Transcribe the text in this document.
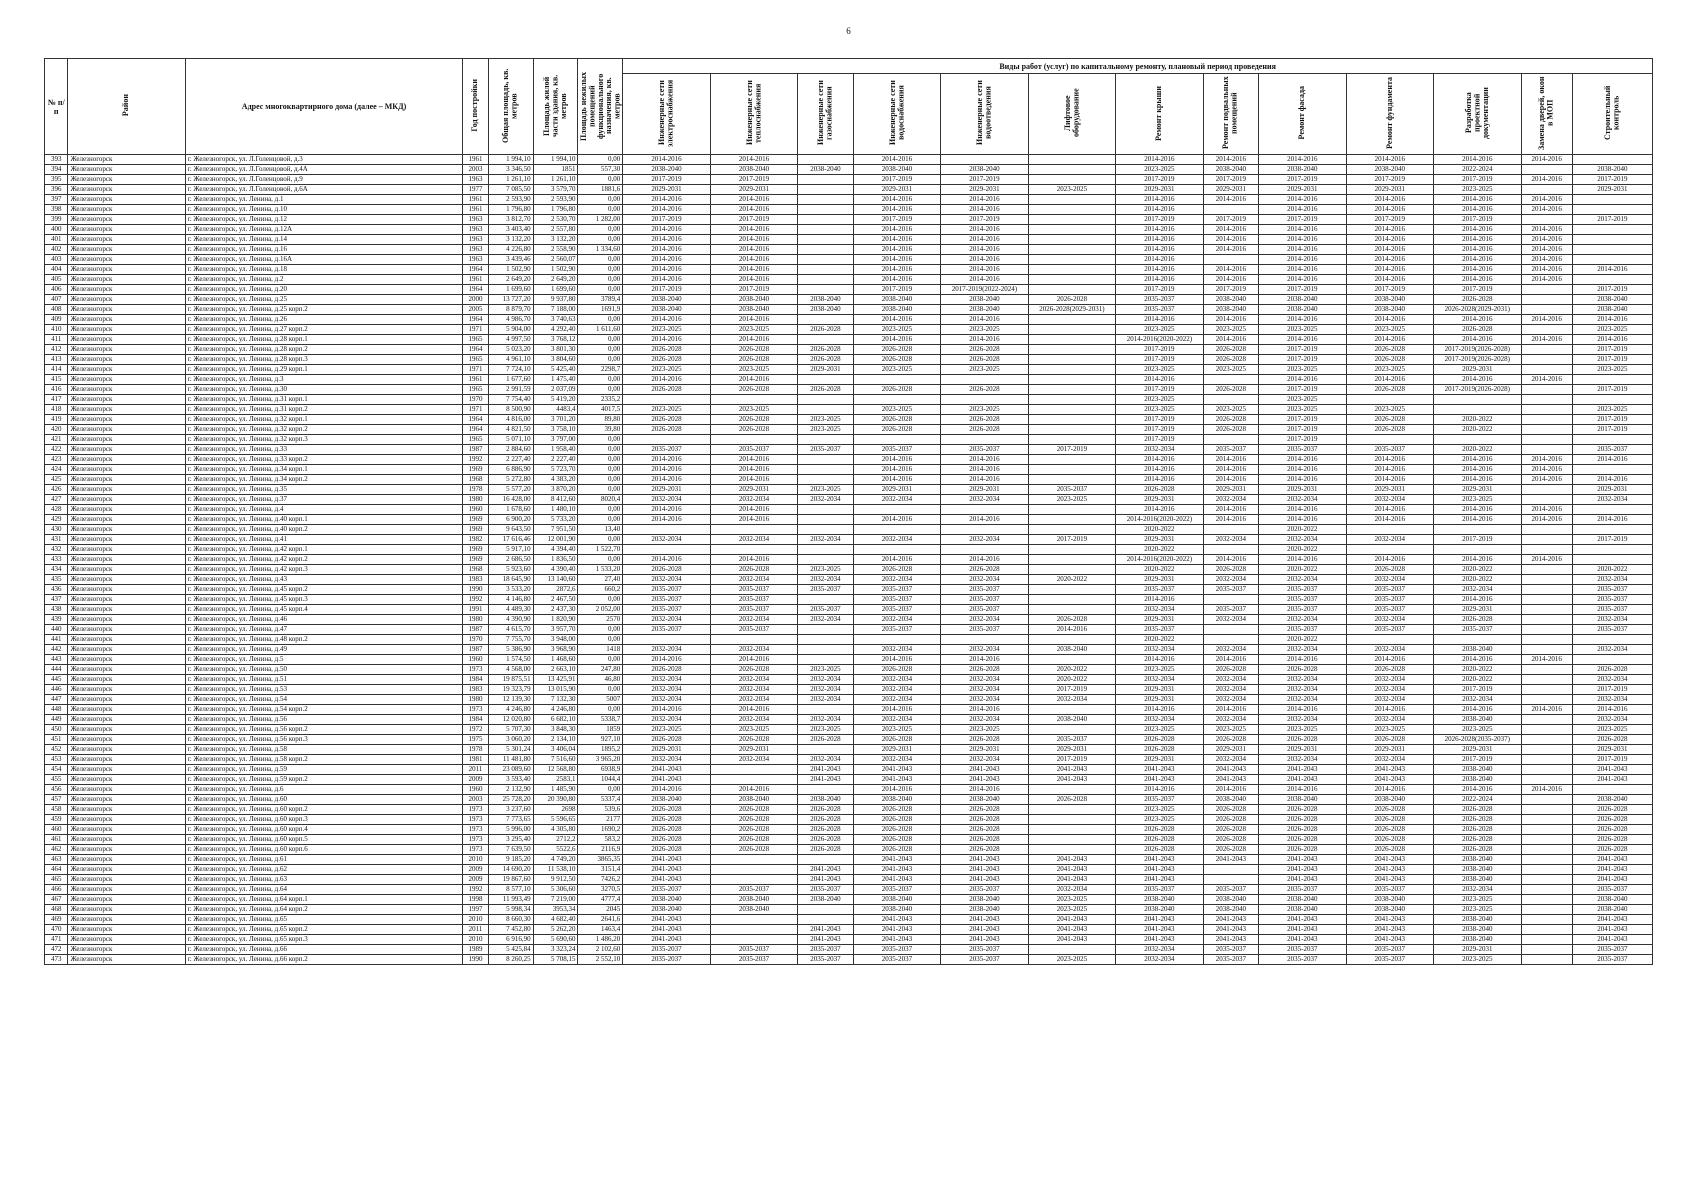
6
№ п/п	Район	Адрес многоквартирного дома (далее – МКД)	Год постройки	Общая площадь, кв. метров	Площадь жилой части здания, кв. метров	Площадь нежилых помещений функционального назначения, кв. метров	Виды работ (услуг) по капитальному ремонту, плановый период проведения												
							Инженерные сети электроснабжения	Инженерные сети теплоснабжения	Инженерные сети газоснабжения	Инженерные сети водоснабжения	Инженерные сети водоотведения	Лифтовое оборудование	Ремонт крыши	Ремонт подвальных помещений	Ремонт фасада	Ремонт фундамента	Разработка проектной документации	Замена дверей, окон в МОП	Строительный контроль
393	Железногорск	г. Железногорск, ул. Л.Голенцовой, д.3	1961	1 994,10	1 994,10	0,00	2014-2016	2014-2016		2014-2016			2014-2016	2014-2016	2014-2016	2014-2016	2014-2016	2014-2016	
394	Железногорск	г. Железногорск, ул. Л.Голенцовой, д.4А	2003	3 346,50	1851	557,30	2038-2040	2038-2040	2038-2040	2038-2040	2038-2040		2023-2025	2038-2040	2038-2040	2038-2040	2022-2024		2038-2040
395	Железногорск	г. Железногорск, ул. Л.Голенцовой, д.9	1963	1 261,10	1 261,10	0,00	2017-2019	2017-2019		2017-2019	2017-2019		2017-2019	2017-2019	2017-2019	2017-2019	2017-2019	2014-2016	2017-2019
396	Железногорск	г. Железногорск, ул. Л.Голенцовой, д.6А	1977	7 085,50	3 579,70	1881,6	2029-2031	2029-2031		2029-2031	2029-2031	2023-2025	2029-2031	2029-2031	2029-2031	2029-2031	2023-2025		2029-2031
397	Железногорск	г. Железногорск, ул. Ленина, д.1	1961	2 593,90	2 593,90	0,00	2014-2016	2014-2016		2014-2016	2014-2016		2014-2016	2014-2016	2014-2016	2014-2016	2014-2016	2014-2016	
398	Железногорск	г. Железногорск, ул. Ленина, д.10	1961	1 796,80	1 796,80	0,00	2014-2016	2014-2016		2014-2016	2014-2016		2014-2016		2014-2016	2014-2016	2014-2016	2014-2016	
399	Железногорск	г. Железногорск, ул. Ленина, д.12	1963	3 812,70	2 530,70	1 282,00	2017-2019	2017-2019		2017-2019	2017-2019		2017-2019	2017-2019	2017-2019	2017-2019	2017-2019		2017-2019
400	Железногорск	г. Железногорск, ул. Ленина, д.12А	1963	3 403,40	2 557,80	0,00	2014-2016	2014-2016		2014-2016	2014-2016		2014-2016	2014-2016	2014-2016	2014-2016	2014-2016	2014-2016	
401	Железногорск	г. Железногорск, ул. Ленина, д.14	1963	3 132,20	3 132,20	0,00	2014-2016	2014-2016		2014-2016	2014-2016		2014-2016	2014-2016	2014-2016	2014-2016	2014-2016	2014-2016	
402	Железногорск	г. Железногорск, ул. Ленина, д.16	1963	4 226,80	2 558,90	1 334,60	2014-2016	2014-2016		2014-2016	2014-2016		2014-2016	2014-2016	2014-2016	2014-2016	2014-2016	2014-2016	
403	Железногорск	г. Железногорск, ул. Ленина, д.16А	1963	3 439,46	2 560,07	0,00	2014-2016	2014-2016		2014-2016	2014-2016		2014-2016		2014-2016	2014-2016	2014-2016	2014-2016	
404	Железногорск	г. Железногорск, ул. Ленина, д.18	1964	1 502,90	1 502,90	0,00	2014-2016	2014-2016		2014-2016	2014-2016		2014-2016	2014-2016	2014-2016	2014-2016	2014-2016	2014-2016	2014-2016
405	Железногорск	г. Железногорск, ул. Ленина, д.2	1961	2 649,20	2 649,20	0,00	2014-2016	2014-2016		2014-2016	2014-2016		2014-2016	2014-2016	2014-2016	2014-2016	2014-2016	2014-2016	
406	Железногорск	г. Железногорск, ул. Ленина, д.20	1964	1 699,60	1 699,60	0,00	2017-2019	2017-2019		2017-2019	2017-2019(2022-2024)		2017-2019	2017-2019	2017-2019	2017-2019	2017-2019		2017-2019
407	Железногорск	г. Железногорск, ул. Ленина, д.25	2000	13 727,20	9 937,80	3789,4	2038-2040	2038-2040	2038-2040	2038-2040	2038-2040	2026-2028	2035-2037	2038-2040	2038-2040	2038-2040	2026-2028		2038-2040
408	Железногорск	г. Железногорск, ул. Ленина, д.25 корп.2	2005	8 879,70	7 188,00	1691,9	2038-2040	2038-2040	2038-2040	2038-2040	2038-2040	2026-2028(2029-2031)	2035-2037	2038-2040	2038-2040	2038-2040	2026-2028(2029-2031)		2038-2040
409	Железногорск	г. Железногорск, ул. Ленина, д.26	1964	4 986,70	3 740,63	0,00	2014-2016	2014-2016		2014-2016	2014-2016		2014-2016	2014-2016	2014-2016	2014-2016	2014-2016	2014-2016	2014-2016
410	Железногорск	г. Железногорск, ул. Ленина, д.27 корп.2	1971	5 904,00	4 292,40	1 611,60	2023-2025	2023-2025	2026-2028	2023-2025	2023-2025		2023-2025	2023-2025	2023-2025	2023-2025	2026-2028		2023-2025
411	Железногорск	г. Железногорск, ул. Ленина, д.28 корп.1	1965	4 997,50	3 768,12	0,00	2014-2016	2014-2016		2014-2016	2014-2016		2014-2016(2020-2022)	2014-2016	2014-2016	2014-2016	2014-2016	2014-2016	2014-2016
412	Железногорск	г. Железногорск, ул. Ленина, д.28 корп.2	1964	5 023,20	3 801,30	0,00	2026-2028	2026-2028	2026-2028	2026-2028	2026-2028		2017-2019	2026-2028	2017-2019	2026-2028	2017-2019(2026-2028)		2017-2019
413	Железногорск	г. Железногорск, ул. Ленина, д.28 корп.3	1965	4 961,10	3 804,60	0,00	2026-2028	2026-2028	2026-2028	2026-2028	2026-2028		2017-2019	2026-2028	2017-2019	2026-2028	2017-2019(2026-2028)		2017-2019
414	Железногорск	г. Железногорск, ул. Ленина, д.29 корп.1	1971	7 724,10	5 425,40	2298,7	2023-2025	2023-2025	2029-2031	2023-2025	2023-2025		2023-2025	2023-2025	2023-2025	2023-2025	2029-2031		2023-2025
415	Железногорск	г. Железногорск, ул. Ленина, д.3	1961	1 677,60	1 475,40	0,00	2014-2016	2014-2016					2014-2016		2014-2016	2014-2016	2014-2016	2014-2016	
416	Железногорск	г. Железногорск, ул. Ленина, д.30	1965	2 991,59	2 037,09	0,00	2026-2028	2026-2028	2026-2028	2026-2028	2026-2028		2017-2019	2026-2028	2017-2019	2026-2028	2017-2019(2026-2028)		2017-2019
417	Железногорск	г. Железногорск, ул. Ленина, д.31 корп.1	1970	7 754,40	5 419,20	2335,2							2023-2025		2023-2025				
418	Железногорск	г. Железногорск, ул. Ленина, д.31 корп.2	1971	8 500,90	4483,4	4017,5	2023-2025	2023-2025		2023-2025	2023-2025		2023-2025	2023-2025	2023-2025	2023-2025			2023-2025
419	Железногорск	г. Железногорск, ул. Ленина, д.32 корп.1	1964	4 816,00	3 701,20	89,80	2026-2028	2026-2028	2023-2025	2026-2028	2026-2028		2017-2019	2026-2028	2017-2019	2026-2028	2020-2022		2017-2019
420	Железногорск	г. Железногорск, ул. Ленина, д.32 корп.2	1964	4 821,50	3 758,10	39,80	2026-2028	2026-2028	2023-2025	2026-2028	2026-2028		2017-2019	2026-2028	2017-2019	2026-2028	2020-2022		2017-2019
421	Железногорск	г. Железногорск, ул. Ленина, д.32 корп.3	1965	5 071,10	3 797,00	0,00							2017-2019		2017-2019				
422	Железногорск	г. Железногорск, ул. Ленина, д.33	1987	2 884,60	1 958,40	0,00	2035-2037	2035-2037	2035-2037	2035-2037	2035-2037	2017-2019	2032-2034	2035-2037	2035-2037	2035-2037	2020-2022		2035-2037
423	Железногорск	г. Железногорск, ул. Ленина, д.33 корп.2	1992	2 227,40	2 227,40	0,00	2014-2016	2014-2016		2014-2016	2014-2016		2014-2016	2014-2016	2014-2016	2014-2016	2014-2016	2014-2016	2014-2016
424	Железногорск	г. Железногорск, ул. Ленина, д.34 корп.1	1969	6 886,90	5 723,70	0,00	2014-2016	2014-2016		2014-2016	2014-2016		2014-2016	2014-2016	2014-2016	2014-2016	2014-2016	2014-2016	
425	Железногорск	г. Железногорск, ул. Ленина, д.34 корп.2	1968	5 272,80	4 383,20	0,00	2014-2016	2014-2016		2014-2016	2014-2016		2014-2016	2014-2016	2014-2016	2014-2016	2014-2016	2014-2016	2014-2016
426	Железногорск	г. Железногорск, ул. Ленина, д.35	1978	5 577,20	3 870,20	0,00	2029-2031	2029-2031	2023-2025	2029-2031	2029-2031	2035-2037	2026-2028	2029-2031	2029-2031	2029-2031	2029-2031		2029-2031
427	Железногорск	г. Железногорск, ул. Ленина, д.37	1980	16 428,00	8 412,60	8020,4	2032-2034	2032-2034	2032-2034	2032-2034	2032-2034	2023-2025	2029-2031	2032-2034	2032-2034	2032-2034	2023-2025		2032-2034
428	Железногорск	г. Железногорск, ул. Ленина, д.4	1960	1 678,60	1 480,10	0,00	2014-2016	2014-2016					2014-2016	2014-2016	2014-2016	2014-2016	2014-2016	2014-2016	
429	Железногорск	г. Железногорск, ул. Ленина, д.40 корп.1	1969	6 900,20	5 733,20	0,00	2014-2016	2014-2016		2014-2016	2014-2016		2014-2016(2020-2022)	2014-2016	2014-2016	2014-2016	2014-2016	2014-2016	2014-2016
430	Железногорск	г. Железногорск, ул. Ленина, д.40 корп.2	1969	9 643,50	7 951,50	13,40							2020-2022		2020-2022				
431	Железногорск	г. Железногорск, ул. Ленина, д.41	1982	17 616,46	12 001,90	0,00	2032-2034	2032-2034	2032-2034	2032-2034	2032-2034	2017-2019	2029-2031	2032-2034	2032-2034	2032-2034	2017-2019		2017-2019
432	Железногорск	г. Железногорск, ул. Ленина, д.42 корп.1	1969	5 917,10	4 394,40	1 522,70							2020-2022		2020-2022				
433	Железногорск	г. Железногорск, ул. Ленина, д.42 корп.2	1969	2 686,50	1 836,50	0,00	2014-2016	2014-2016		2014-2016	2014-2016		2014-2016(2020-2022)	2014-2016	2014-2016	2014-2016	2014-2016	2014-2016	
434	Железногорск	г. Железногорск, ул. Ленина, д.42 корп.3	1968	5 923,60	4 390,40	1 533,20	2026-2028	2026-2028	2023-2025	2026-2028	2026-2028		2020-2022	2026-2028	2020-2022	2026-2028	2020-2022		2020-2022
435	Железногорск	г. Железногорск, ул. Ленина, д.43	1983	18 645,90	13 140,60	27,40	2032-2034	2032-2034	2032-2034	2032-2034	2032-2034	2020-2022	2029-2031	2032-2034	2032-2034	2032-2034	2020-2022		2032-2034
436	Железногорск	г. Железногорск, ул. Ленина, д.45 корп.2	1990	3 533,20	2872,6	660,2	2035-2037	2035-2037	2035-2037	2035-2037	2035-2037		2035-2037	2035-2037	2035-2037	2035-2037	2032-2034		2035-2037
437	Железногорск	г. Железногорск, ул. Ленина, д.45 корп.3	1992	4 146,80	2 467,50	0,00	2035-2037	2035-2037		2035-2037	2035-2037		2014-2016		2035-2037	2035-2037	2014-2016		2035-2037
438	Железногорск	г. Железногорск, ул. Ленина, д.45 корп.4	1991	4 489,30	2 437,30	2 052,00	2035-2037	2035-2037	2035-2037	2035-2037	2035-2037		2032-2034	2035-2037	2035-2037	2035-2037	2029-2031		2035-2037
439	Железногорск	г. Железногорск, ул. Ленина, д.46	1980	4 390,90	1 820,90	2570	2032-2034	2032-2034	2032-2034	2032-2034	2032-2034	2026-2028	2029-2031	2032-2034	2032-2034	2032-2034	2026-2028		2032-2034
440	Железногорск	г. Железногорск, ул. Ленина, д.47	1987	4 615,70	3 957,70	0,00	2035-2037	2035-2037		2035-2037	2035-2037	2014-2016	2035-2037		2035-2037	2035-2037	2035-2037		2035-2037
441	Железногорск	г. Железногорск, ул. Ленина, д.48 корп.2	1970	7 755,70	3 948,00	0,00							2020-2022		2020-2022				
442	Железногорск	г. Железногорск, ул. Ленина, д.49	1987	5 386,90	3 968,90	1418	2032-2034	2032-2034		2032-2034	2032-2034	2038-2040	2032-2034	2032-2034	2032-2034	2032-2034	2038-2040		2032-2034
443	Железногорск	г. Железногорск, ул. Ленина, д.5	1960	1 574,50	1 468,60	0,00	2014-2016	2014-2016		2014-2016	2014-2016		2014-2016	2014-2016	2014-2016	2014-2016	2014-2016	2014-2016	
444	Железногорск	г. Железногорск, ул. Ленина, д.50	1973	4 568,00	2 663,10	247,80	2026-2028	2026-2028	2023-2025	2026-2028	2026-2028	2020-2022	2023-2025	2026-2028	2026-2028	2026-2028	2020-2022		2026-2028
445	Железногорск	г. Железногорск, ул. Ленина, д.51	1984	19 875,51	13 425,91	46,80	2032-2034	2032-2034	2032-2034	2032-2034	2032-2034	2020-2022	2032-2034	2032-2034	2032-2034	2032-2034	2020-2022		2032-2034
446	Железногорск	г. Железногорск, ул. Ленина, д.53	1983	19 323,79	13 015,90	0,00	2032-2034	2032-2034	2032-2034	2032-2034	2032-2034	2017-2019	2029-2031	2032-2034	2032-2034	2032-2034	2017-2019		2017-2019
447	Железногорск	г. Железногорск, ул. Ленина, д.54	1980	12 139,30	7 132,30	5007	2032-2034	2032-2034	2032-2034	2032-2034	2032-2034	2032-2034	2029-2031	2032-2034	2032-2034	2032-2034	2032-2034		2032-2034
448	Железногорск	г. Железногорск, ул. Ленина, д.54 корп.2	1973	4 246,80	4 246,80	0,00	2014-2016	2014-2016		2014-2016	2014-2016		2014-2016	2014-2016	2014-2016	2014-2016	2014-2016	2014-2016	2014-2016
449	Железногорск	г. Железногорск, ул. Ленина, д.56	1984	12 020,80	6 682,10	5338,7	2032-2034	2032-2034	2032-2034	2032-2034	2032-2034	2038-2040	2032-2034	2032-2034	2032-2034	2032-2034	2038-2040		2032-2034
450	Железногорск	г. Железногорск, ул. Ленина, д.56 корп.2	1972	5 707,30	3 848,30	1859	2023-2025	2023-2025	2023-2025	2023-2025	2023-2025		2023-2025	2023-2025	2023-2025	2023-2025	2023-2025		2023-2025
451	Железногорск	г. Железногорск, ул. Ленина, д.56 корп.3	1975	3 060,20	2 134,10	927,10	2026-2028	2026-2028	2026-2028	2026-2028	2026-2028	2035-2037	2026-2028	2026-2028	2026-2028	2026-2028	2026-2028(2035-2037)		2026-2028
452	Железногорск	г. Железногорск, ул. Ленина, д.58	1978	5 301,24	3 406,04	1895,2	2029-2031	2029-2031		2029-2031	2029-2031	2029-2031	2026-2028	2029-2031	2029-2031	2029-2031	2029-2031		2029-2031
453	Железногорск	г. Железногорск, ул. Ленина, д.58 корп.2	1981	11 481,80	7 516,60	3 965,20	2032-2034	2032-2034	2032-2034	2032-2034	2032-2034	2017-2019	2029-2031	2032-2034	2032-2034	2032-2034	2017-2019		2017-2019
454	Железногорск	г. Железногорск, ул. Ленина, д.59	2011	23 089,60	12 568,80	6938,9	2041-2043		2041-2043	2041-2043	2041-2043	2041-2043	2041-2043	2041-2043	2041-2043	2041-2043	2038-2040		2041-2043
455	Железногорск	г. Железногорск, ул. Ленина, д.59 корп.2	2009	3 593,40	2583,1	1044,4	2041-2043		2041-2043	2041-2043	2041-2043	2041-2043	2041-2043	2041-2043	2041-2043	2041-2043	2038-2040		2041-2043
456	Железногорск	г. Железногорск, ул. Ленина, д.6	1960	2 132,90	1 485,90	0,00	2014-2016	2014-2016		2014-2016	2014-2016		2014-2016	2014-2016	2014-2016	2014-2016	2014-2016	2014-2016	
457	Железногорск	г. Железногорск, ул. Ленина, д.60	2003	25 728,20	20 390,80	5337,4	2038-2040	2038-2040	2038-2040	2038-2040	2038-2040	2026-2028	2035-2037	2038-2040	2038-2040	2038-2040	2022-2024		2038-2040
458	Железногорск	г. Железногорск, ул. Ленина, д.60 корп.2	1973	3 237,60	2698	539,6	2026-2028	2026-2028	2026-2028	2026-2028	2026-2028		2023-2025	2026-2028	2026-2028	2026-2028	2026-2028		2026-2028
459	Железногорск	г. Железногорск, ул. Ленина, д.60 корп.3	1973	7 773,65	5 596,65	2177	2026-2028	2026-2028	2026-2028	2026-2028	2026-2028		2023-2025	2026-2028	2026-2028	2026-2028	2026-2028		2026-2028
460	Железногорск	г. Железногорск, ул. Ленина, д.60 корп.4	1973	5 996,00	4 305,80	1690,2	2026-2028	2026-2028	2026-2028	2026-2028	2026-2028		2026-2028	2026-2028	2026-2028	2026-2028	2026-2028		2026-2028
461	Железногорск	г. Железногорск, ул. Ленина, д.60 корп.5	1973	3 295,40	2712,2	583,2	2026-2028	2026-2028	2026-2028	2026-2028	2026-2028		2026-2028	2026-2028	2026-2028	2026-2028	2026-2028		2026-2028
462	Железногорск	г. Железногорск, ул. Ленина, д.60 корп.6	1973	7 639,50	5522,6	2116,9	2026-2028	2026-2028	2026-2028	2026-2028	2026-2028		2026-2028	2026-2028	2026-2028	2026-2028	2026-2028		2026-2028
463	Железногорск	г. Железногорск, ул. Ленина, д.61	2010	9 185,20	4 749,20	3865,35	2041-2043			2041-2043	2041-2043	2041-2043	2041-2043	2041-2043	2041-2043	2041-2043	2038-2040		2041-2043
464	Железногорск	г. Железногорск, ул. Ленина, д.62	2009	14 690,20	11 538,10	3151,4	2041-2043		2041-2043	2041-2043	2041-2043	2041-2043	2041-2043		2041-2043	2041-2043	2038-2040		2041-2043
465	Железногорск	г. Железногорск, ул. Ленина, д.63	2009	19 867,60	9 912,50	7426,2	2041-2043		2041-2043	2041-2043	2041-2043	2041-2043	2041-2043		2041-2043	2041-2043	2038-2040		2041-2043
466	Железногорск	г. Железногорск, ул. Ленина, д.64	1992	8 577,10	5 306,60	3270,5	2035-2037	2035-2037	2035-2037	2035-2037	2035-2037	2032-2034	2035-2037	2035-2037	2035-2037	2035-2037	2032-2034		2035-2037
467	Железногорск	г. Железногорск, ул. Ленина, д.64 корп.1	1998	11 993,49	7 219,00	4777,4	2038-2040	2038-2040	2038-2040	2038-2040	2038-2040	2023-2025	2038-2040	2038-2040	2038-2040	2038-2040	2023-2025		2038-2040
468	Железногорск	г. Железногорск, ул. Ленина, д.64 корп.2	1997	5 998,34	3953,34	2045	2038-2040	2038-2040		2038-2040	2038-2040	2023-2025	2038-2040	2038-2040	2038-2040	2038-2040	2023-2025		2038-2040
469	Железногорск	г. Железногорск, ул. Ленина, д.65	2010	8 660,30	4 682,40	2641,6	2041-2043			2041-2043	2041-2043	2041-2043	2041-2043	2041-2043	2041-2043	2041-2043	2038-2040		2041-2043
470	Железногорск	г. Железногорск, ул. Ленина, д.65 корп.2	2011	7 452,80	5 262,20	1463,4	2041-2043		2041-2043	2041-2043	2041-2043	2041-2043	2041-2043	2041-2043	2041-2043	2041-2043	2038-2040		2041-2043
471	Железногорск	г. Железногорск, ул. Ленина, д.65 корп.3	2010	6 916,90	5 690,60	1 486,20	2041-2043		2041-2043	2041-2043	2041-2043	2041-2043	2041-2043	2041-2043	2041-2043	2041-2043	2038-2040		2041-2043
472	Железногорск	г. Железногорск, ул. Ленина, д.66	1989	5 425,84	3 323,24	2 102,60	2035-2037	2035-2037	2035-2037	2035-2037	2035-2037		2032-2034	2035-2037	2035-2037	2035-2037	2029-2031		2035-2037
473	Железногорск	г. Железногорск, ул. Ленина, д.66 корп.2	1990	8 260,25	5 708,15	2 552,10	2035-2037	2035-2037	2035-2037	2035-2037	2035-2037	2023-2025	2032-2034	2035-2037	2035-2037	2035-2037	2023-2025		2035-2037
